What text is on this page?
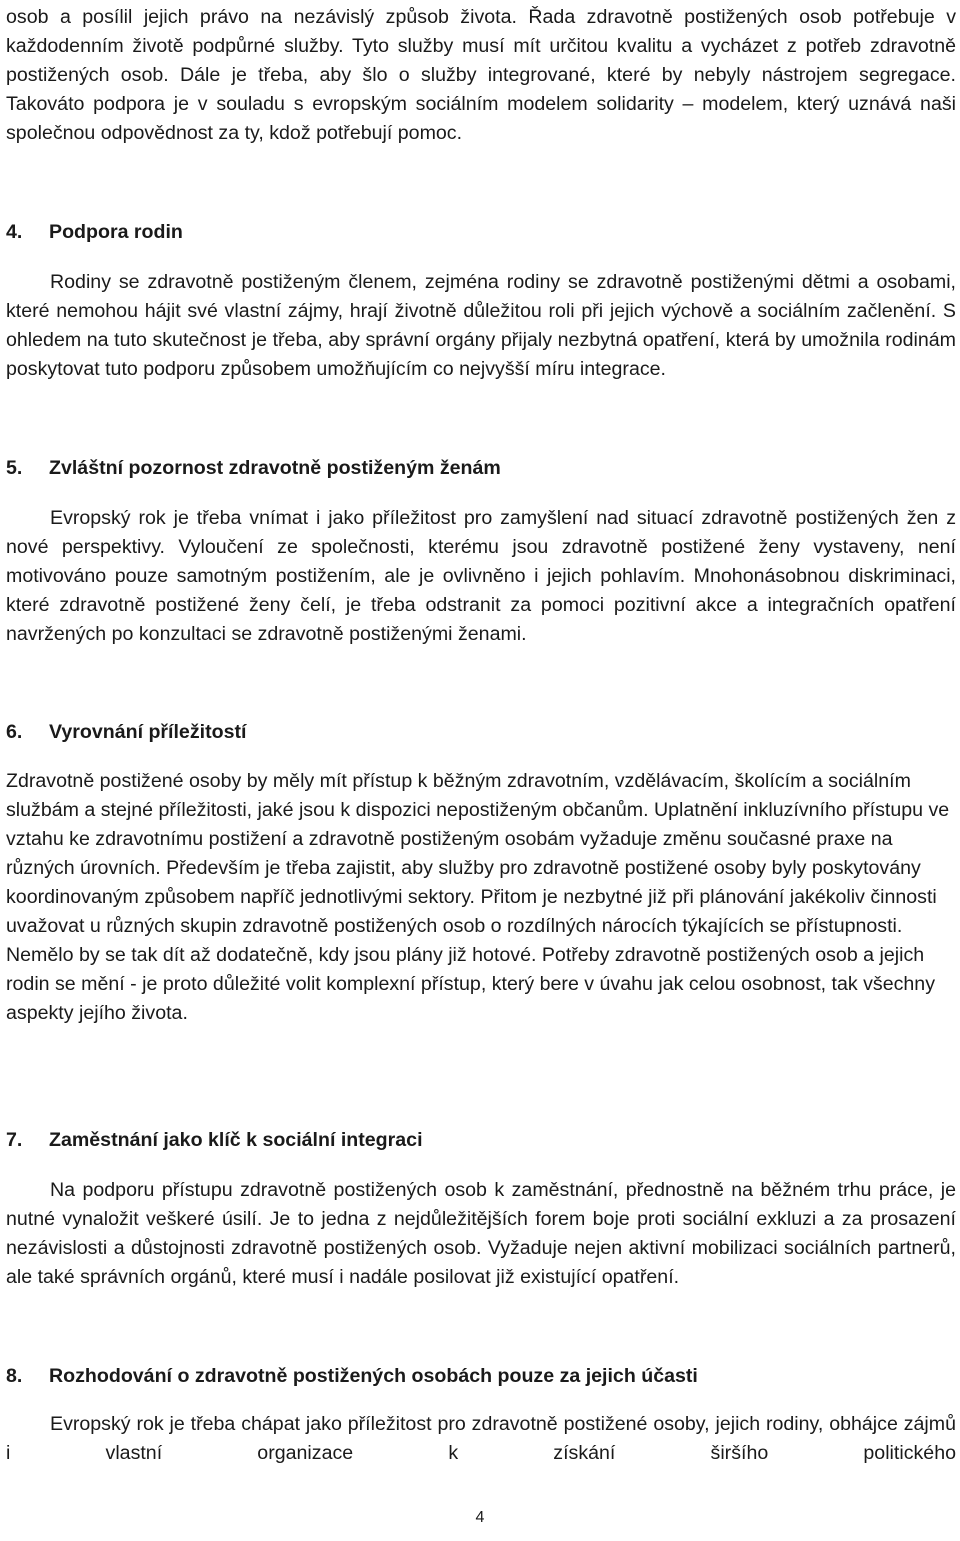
osob a posílil jejich právo na nezávislý způsob života. Řada zdravotně postižených osob potřebuje v každodenním životě podpůrné služby. Tyto služby musí mít určitou kvalitu a vycházet z potřeb zdravotně postižených osob. Dále je třeba, aby šlo o služby integrované, které by nebyly nástrojem segregace. Takováto podpora je v souladu s evropským sociálním modelem solidarity – modelem, který uznává naši společnou odpovědnost za ty, kdož potřebují pomoc.

4.	Podpora rodin

Rodiny se zdravotně postiženým členem, zejména rodiny se zdravotně postiženými dětmi a osobami, které nemohou hájit své vlastní zájmy, hrají životně důležitou roli při jejich výchově a sociálním začlenění. S ohledem na tuto skutečnost je třeba, aby správní orgány přijaly nezbytná opatření, která by umožnila rodinám poskytovat tuto podporu způsobem umožňujícím co nejvyšší míru integrace.

5.	Zvláštní pozornost zdravotně postiženým ženám

Evropský rok je třeba vnímat i jako příležitost pro zamyšlení nad situací zdravotně postižených žen z nové perspektivy. Vyloučení ze společnosti, kterému jsou zdravotně postižené ženy vystaveny, není motivováno pouze samotným postižením, ale je ovlivněno i jejich pohlavím. Mnohonásobnou diskriminaci, které zdravotně postižené ženy čelí, je třeba odstranit za pomoci pozitivní akce a integračních opatření navržených po konzultaci se zdravotně postiženými ženami.

6.	Vyrovnání příležitostí

Zdravotně postižené osoby by měly mít přístup k běžným zdravotním, vzdělávacím, školícím a sociálním službám a stejné příležitosti, jaké jsou k dispozici nepostiženým občanům. Uplatnění inkluzívního přístupu ve vztahu ke zdravotnímu postižení a zdravotně postiženým osobám vyžaduje změnu současné praxe na různých úrovních. Především je třeba zajistit, aby služby pro zdravotně postižené osoby byly poskytovány koordinovaným způsobem napříč jednotlivými sektory. Přitom je nezbytné již při plánování jakékoliv činnosti uvažovat u různých skupin zdravotně postižených osob o rozdílných nárocích týkajících se přístupnosti. Nemělo by se tak dít až dodatečně, kdy jsou plány již hotové. Potřeby zdravotně postižených osob a jejich rodin se mění - je proto důležité volit komplexní přístup, který bere v úvahu jak celou osobnost, tak všechny aspekty jejího života.

7.	Zaměstnání jako klíč k sociální integraci

Na podporu přístupu zdravotně postižených osob k zaměstnání, přednostně na běžném trhu práce, je nutné vynaložit veškeré úsilí. Je to jedna z nejdůležitějších forem boje proti sociální exkluzi a za prosazení nezávislosti a důstojnosti zdravotně postižených osob. Vyžaduje nejen aktivní mobilizaci sociálních partnerů, ale také správních orgánů, které musí i nadále posilovat již existující opatření.

8.	Rozhodování o zdravotně postižených osobách pouze za jejich účasti

Evropský rok je třeba chápat jako příležitost pro zdravotně postižené osoby, jejich rodiny, obhájce zájmů i vlastní organizace k získání širšího politického

4
